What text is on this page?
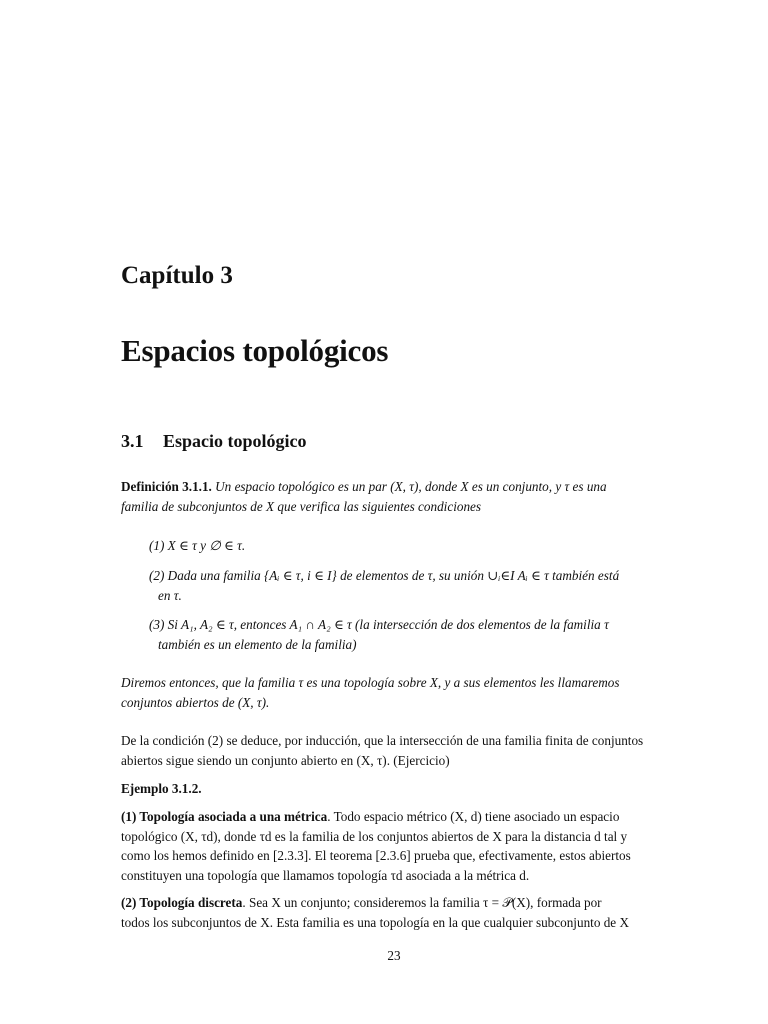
Capítulo 3
Espacios topológicos
3.1 Espacio topológico

Definición 3.1.1. Un espacio topológico es un par (X, τ), donde X es un conjunto, y τ es una
familia de subconjuntos de X que verifica las siguientes condiciones

(1) X ∈ τ y ∅ ∈ τ.

(2) Dada una familia {Aᵢ ∈ τ, i ∈ I} de elementos de τ, su unión ∪ᵢ∈I Aᵢ ∈ τ también está
en τ.

(3) Si A₁, A₂ ∈ τ, entonces A₁ ∩ A₂ ∈ τ (la intersección de dos elementos de la familia τ
también es un elemento de la familia)

Diremos entonces, que la familia τ es una topología sobre X, y a sus elementos les llamaremos
conjuntos abiertos de (X, τ).

De la condición (2) se deduce, por inducción, que la intersección de una familia finita de conjuntos
abiertos sigue siendo un conjunto abierto en (X, τ). (Ejercicio)

Ejemplo 3.1.2.

(1) Topología asociada a una métrica. Todo espacio métrico (X, d) tiene asociado un espacio
topológico (X, τd), donde τd es la familia de los conjuntos abiertos de X para la distancia d tal y
como los hemos definido en [2.3.3]. El teorema [2.3.6] prueba que, efectivamente, estos abiertos
constituyen una topología que llamamos topología τd asociada a la métrica d.

(2) Topología discreta. Sea X un conjunto; consideremos la familia τ = 𝒫(X), formada por
todos los subconjuntos de X. Esta familia es una topología en la que cualquier subconjunto de X

23
